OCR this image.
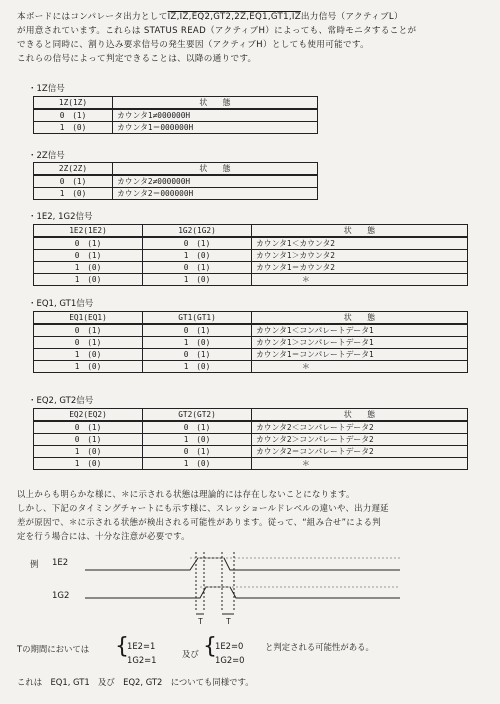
本ボードにはコンパレータ出力としてIZ,IZ,EQ2,GT2,2Z,EQ1,GT1,IZ出力信号（アクティブL）
が用意されています。これらは STATUS READ（アクティブH）によっても、常時モニタすることが
できると同時に、割り込み要求信号の発生要因（アクティブH）としても使用可能です。
これらの信号によって判定できることは、以降の通りです。
・1Z信号
1Z(1Z)	状　　態
0　(1)	カウンタ1≠000000H
1　(0)	カウンタ1＝000000H
・2Z信号
2Z(2Z)	状　　態
0　(1)	カウンタ2≠000000H
1　(0)	カウンタ2＝000000H
・1E2, 1G2信号
1E2(1E2)	1G2(1G2)	状　　態
0　(1)	0　(1)	カウンタ1＜カウンタ2
0　(1)	1　(0)	カウンタ1＞カウンタ2
1　(0)	0　(1)	カウンタ1＝カウンタ2
1　(0)	1　(0)	＊
・EQ1, GT1信号
EQ1(EQ1)	GT1(GT1)	状　　態
0　(1)	0　(1)	カウンタ1＜コンパレートデータ1
0　(1)	1　(0)	カウンタ1＞コンパレートデータ1
1　(0)	0　(1)	カウンタ1＝コンパレートデータ1
1　(0)	1　(0)	＊
・EQ2, GT2信号
EQ2(EQ2)	GT2(GT2)	状　　態
0　(1)	0　(1)	カウンタ2＜コンパレートデータ2
0　(1)	1　(0)	カウンタ2＞コンパレートデータ2
1　(0)	0　(1)	カウンタ2＝コンパレートデータ2
1　(0)	1　(0)	＊
以上からも明らかな様に、＊に示される状態は理論的には存在しないことになります。
しかし、下記のタイミングチャートにも示す様に、スレッショールドレベルの違いや、出力遅延
差が原因で、＊に示される状態が検出される可能性があります。従って、“組み合せ”による判
定を行う場合には、十分な注意が必要です。
例 1E2
1G2
T	T
Tの期間においては {
1E2=1
1G2=1
及び {
1E2=0
1G2=0
と判定される可能性がある。
これは　EQ1, GT1　及び　EQ2, GT2　についても同様です。
